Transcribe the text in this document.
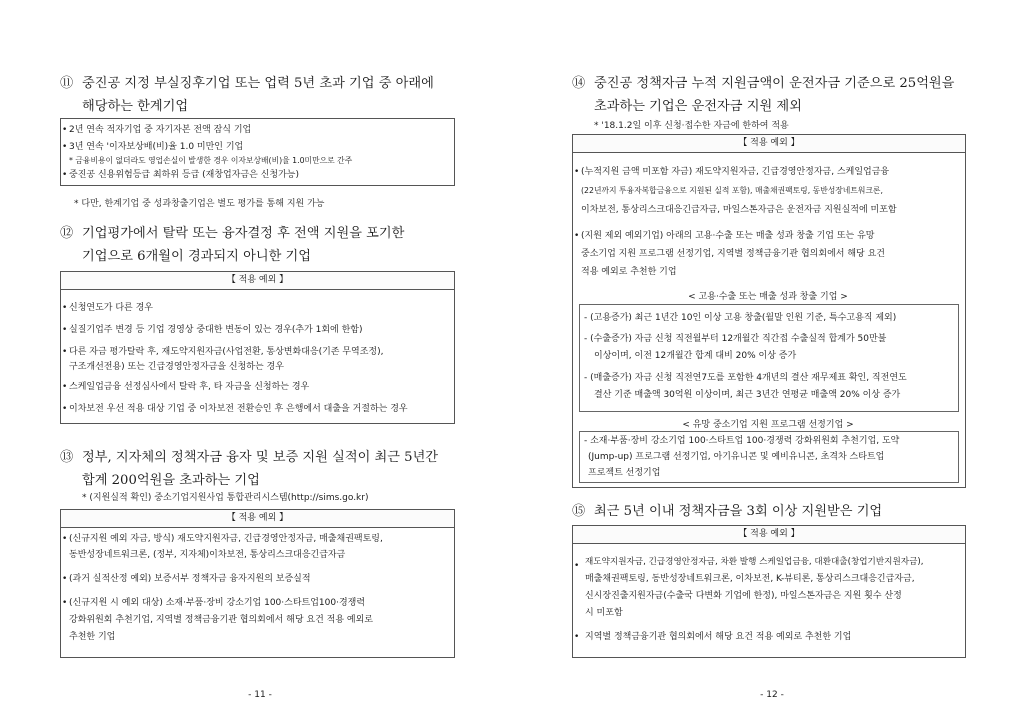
⑪ 중진공 지정 부실징후기업 또는 업력 5년 초과 기업 중 아래에
해당하는 한계기업
• 2년 연속 적자기업 중 자기자본 전액 잠식 기업
• 3년 연속 '이자보상배(비)율 1.0 미만인 기업
* 금융비용이 없더라도 영업손실이 발생한 경우 이자보상배(비)율 1.0미만으로 간주
• 중진공 신용위험등급 최하위 등급 (재창업자금은 신청가능)
* 다만, 한계기업 중 성과창출기업은 별도 평가를 통해 지원 가능
⑫ 기업평가에서 탈락 또는 융자결정 후 전액 지원을 포기한
기업으로 6개월이 경과되지 아니한 기업
【 적용 예외 】
• 신청연도가 다른 경우
• 실질기업주 변경 등 기업 경영상 중대한 변동이 있는 경우(추가 1회에 한함)
• 다른 자금 평가탈락 후, 재도약지원자금(사업전환, 통상변화대응(기존 무역조정),
구조개선전용) 또는 긴급경영안정자금을 신청하는 경우
• 스케일업금융 선정심사에서 탈락 후, 타 자금을 신청하는 경우
• 이차보전 우선 적용 대상 기업 중 이차보전 전환승인 후 은행에서 대출을 거절하는 경우
⑬ 정부, 지자체의 정책자금 융자 및 보증 지원 실적이 최근 5년간
합계 200억원을 초과하는 기업
* (지원실적 확인) 중소기업지원사업 통합관리시스템(http://sims.go.kr)
【 적용 예외 】
• (신규지원 예외 자금, 방식) 재도약지원자금, 긴급경영안정자금, 매출채권팩토링,
동반성장네트워크론, (정부, 지자체)이차보전, 통상리스크대응긴급자금
• (과거 실적산정 예외) 보증서부 정책자금 융자지원의 보증실적
• (신규지원 시 예외 대상) 소재·부품·장비 강소기업 100·스타트업100·경쟁력
강화위원회 추천기업, 지역별 정책금융기관 협의회에서 해당 요건 적용 예외로
추천한 기업
- 11 -
⑭ 중진공 정책자금 누적 지원금액이 운전자금 기준으로 25억원을
초과하는 기업은 운전자금 지원 제외
* '18.1.2일 이후 신청·접수한 자금에 한하여 적용
【 적용 예외 】
• (누적지원 금액 미포함 자금) 재도약지원자금, 긴급경영안정자금, 스케일업금융
(22년까지 투융자복합금융으로 지원된 실적 포함), 매출채권팩토링, 동반성장네트워크론,
이차보전, 통상리스크대응긴급자금, 마일스톤자금은 운전자금 지원실적에 미포함
• (지원 제외 예외기업) 아래의 고용·수출 또는 매출 성과 창출 기업 또는 유망
중소기업 지원 프로그램 선정기업, 지역별 정책금융기관 협의회에서 해당 요건
적용 예외로 추천한 기업
< 고용·수출 또는 매출 성과 창출 기업 >
- (고용증가) 최근 1년간 10인 이상 고용 창출(월말 인원 기준, 특수고용직 제외)
- (수출증가) 자금 신청 직전월부터 12개월간 직간접 수출실적 합계가 50만불
이상이며, 이전 12개월간 합계 대비 20% 이상 증가
- (매출증가) 자금 신청 직전연7도를 포함한 4개년의 결산 재무제표 확인, 직전연도
결산 기준 매출액 30억원 이상이며, 최근 3년간 연평균 매출액 20% 이상 증가
< 유망 중소기업 지원 프로그램 선정기업 >
- 소재·부품·장비 강소기업 100·스타트업 100·경쟁력 강화위원회 추천기업, 도약
(Jump-up) 프로그램 선정기업, 아기유니콘 및 예비유니콘, 초격차 스타트업
프로젝트 선정기업
⑮ 최근 5년 이내 정책자금을 3회 이상 지원받은 기업
【 적용 예외 】
• 재도약지원자금, 긴급경영안정자금, 차환 발행 스케일업금융, 대환대출(창업기반지원자금),
매출채권팩토링, 동반성장네트워크론, 이차보전, K-뷰티론, 통상리스크대응긴급자금,
신시장진출지원자금(수출국 다변화 기업에 한정), 마일스톤자금은 지원 횟수 산정
시 미포함
• 지역별 정책금융기관 협의회에서 해당 요건 적용 예외로 추천한 기업
- 12 -
